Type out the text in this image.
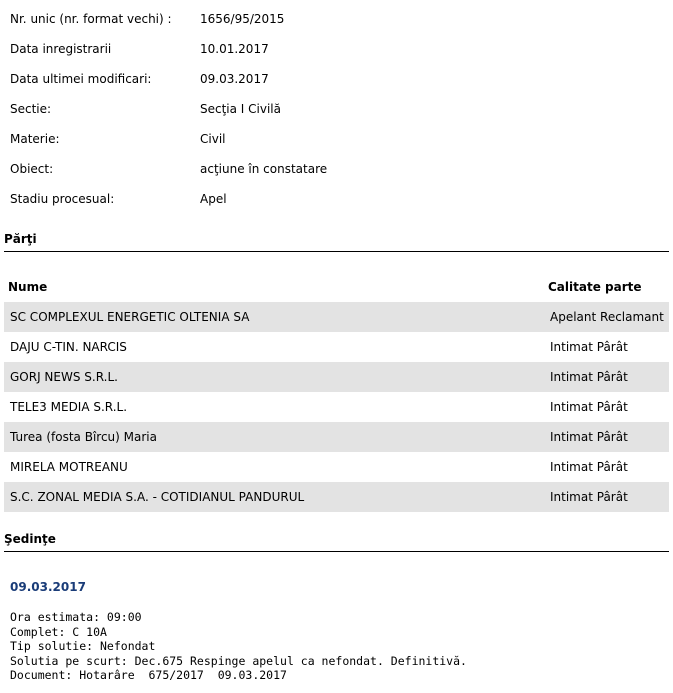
Nr. unic (nr. format vechi) :	1656/95/2015
Data inregistrarii	10.01.2017
Data ultimei modificari:	09.03.2017
Sectie:	Secţia I Civilă
Materie:	Civil
Obiect:	acţiune în constatare
Stadiu procesual:	Apel
Părţi
Nume	Calitate parte
SC COMPLEXUL ENERGETIC OLTENIA SA	Apelant Reclamant
DAJU C-TIN. NARCIS	Intimat Pârât
GORJ NEWS S.R.L.	Intimat Pârât
TELE3 MEDIA S.R.L.	Intimat Pârât
Turea (fosta Bîrcu) Maria	Intimat Pârât
MIRELA MOTREANU	Intimat Pârât
S.C. ZONAL MEDIA S.A. - COTIDIANUL PANDURUL	Intimat Pârât
Şedinţe
09.03.2017
Ora estimata: 09:00
Complet: C 10A
Tip solutie: Nefondat
Solutia pe scurt: Dec.675 Respinge apelul ca nefondat. Definitivă.
Document: Hotarâre  675/2017  09.03.2017
